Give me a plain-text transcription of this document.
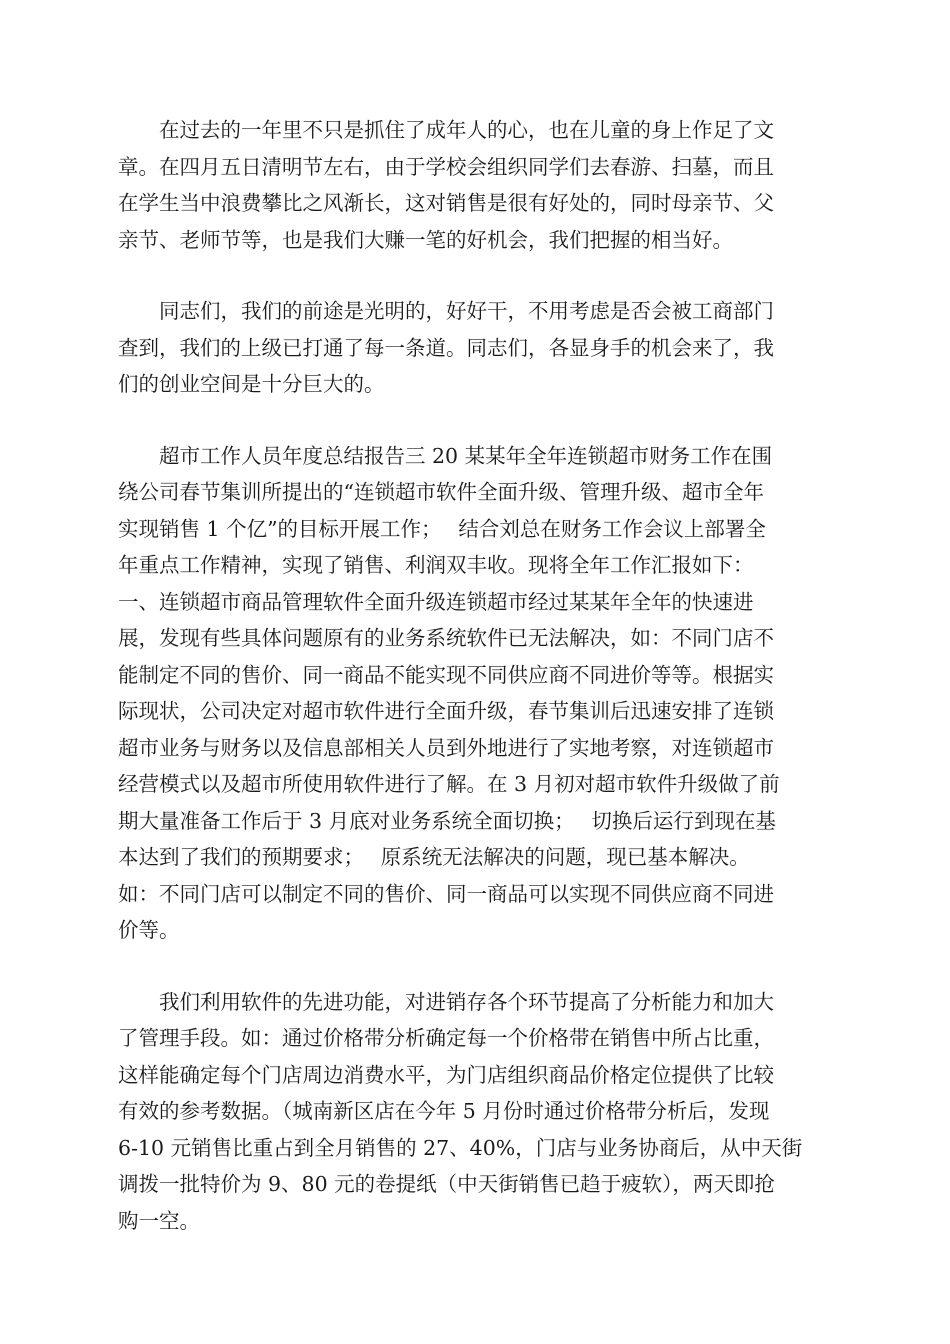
在过去的一年里不只是抓住了成年人的心，也在儿童的身上作足了文
章。在四月五日清明节左右，由于学校会组织同学们去春游、扫墓，而且
在学生当中浪费攀比之风渐长，这对销售是很有好处的，同时母亲节、父
亲节、老师节等，也是我们大赚一笔的好机会，我们把握的相当好。
同志们，我们的前途是光明的，好好干，不用考虑是否会被工商部门
查到，我们的上级已打通了每一条道。同志们，各显身手的机会来了，我
们的创业空间是十分巨大的。
超市工作人员年度总结报告三 20 某某年全年连锁超市财务工作在围
绕公司春节集训所提出的“连锁超市软件全面升级、管理升级、超市全年
实现销售 1 个亿”的目标开展工作；　 结合刘总在财务工作会议上部署全
年重点工作精神，实现了销售、利润双丰收。现将全年工作汇报如下：
一、连锁超市商品管理软件全面升级连锁超市经过某某年全年的快速进
展，发现有些具体问题原有的业务系统软件已无法解决，如：不同门店不
能制定不同的售价、同一商品不能实现不同供应商不同进价等等。根据实
际现状，公司决定对超市软件进行全面升级，春节集训后迅速安排了连锁
超市业务与财务以及信息部相关人员到外地进行了实地考察，对连锁超市
经营模式以及超市所使用软件进行了解。在 3 月初对超市软件升级做了前
期大量准备工作后于 3 月底对业务系统全面切换；　 切换后运行到现在基
本达到了我们的预期要求；　 原系统无法解决的问题，现已基本解决。
如：不同门店可以制定不同的售价、同一商品可以实现不同供应商不同进
价等。
我们利用软件的先进功能，对进销存各个环节提高了分析能力和加大
了管理手段。如：通过价格带分析确定每一个价格带在销售中所占比重，
这样能确定每个门店周边消费水平，为门店组织商品价格定位提供了比较
有效的参考数据。（城南新区店在今年 5 月份时通过价格带分析后，发现
6-10 元销售比重占到全月销售的 27、40%，门店与业务协商后，从中天街
调拨一批特价为 9、80 元的卷提纸（中天街销售已趋于疲软），两天即抢
购一空。
